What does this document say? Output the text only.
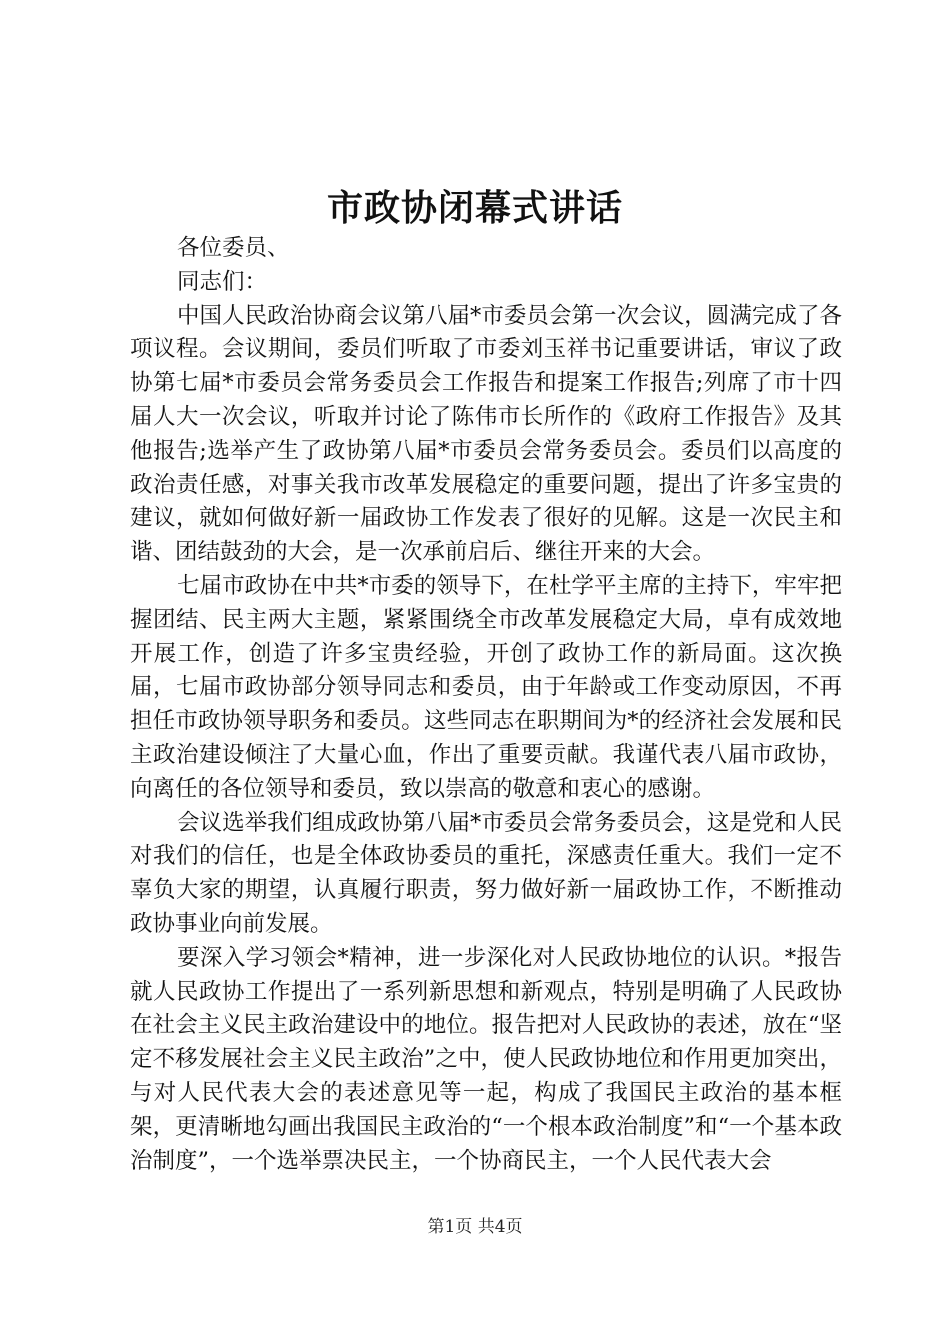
市政协闭幕式讲话

各位委员、

同志们：

中国人民政治协商会议第八届*市委员会第一次会议，圆满完成了各项议程。会议期间，委员们听取了市委刘玉祥书记重要讲话，审议了政协第七届*市委员会常务委员会工作报告和提案工作报告;列席了市十四届人大一次会议，听取并讨论了陈伟市长所作的《政府工作报告》及其他报告;选举产生了政协第八届*市委员会常务委员会。委员们以高度的政治责任感，对事关我市改革发展稳定的重要问题，提出了许多宝贵的建议，就如何做好新一届政协工作发表了很好的见解。这是一次民主和谐、团结鼓劲的大会，是一次承前启后、继往开来的大会。

七届市政协在中共*市委的领导下，在杜学平主席的主持下，牢牢把握团结、民主两大主题，紧紧围绕全市改革发展稳定大局，卓有成效地开展工作，创造了许多宝贵经验，开创了政协工作的新局面。这次换届，七届市政协部分领导同志和委员，由于年龄或工作变动原因，不再担任市政协领导职务和委员。这些同志在职期间为*的经济社会发展和民主政治建设倾注了大量心血，作出了重要贡献。我谨代表八届市政协，向离任的各位领导和委员，致以崇高的敬意和衷心的感谢。

会议选举我们组成政协第八届*市委员会常务委员会，这是党和人民对我们的信任，也是全体政协委员的重托，深感责任重大。我们一定不辜负大家的期望，认真履行职责，努力做好新一届政协工作，不断推动政协事业向前发展。

要深入学习领会*精神，进一步深化对人民政协地位的认识。*报告就人民政协工作提出了一系列新思想和新观点，特别是明确了人民政协在社会主义民主政治建设中的地位。报告把对人民政协的表述，放在“坚定不移发展社会主义民主政治”之中，使人民政协地位和作用更加突出，与对人民代表大会的表述意见等一起，构成了我国民主政治的基本框架，更清晰地勾画出我国民主政治的“一个根本政治制度”和“一个基本政治制度”，一个选举票决民主，一个协商民主，一个人民代表大会

第1页 共4页
